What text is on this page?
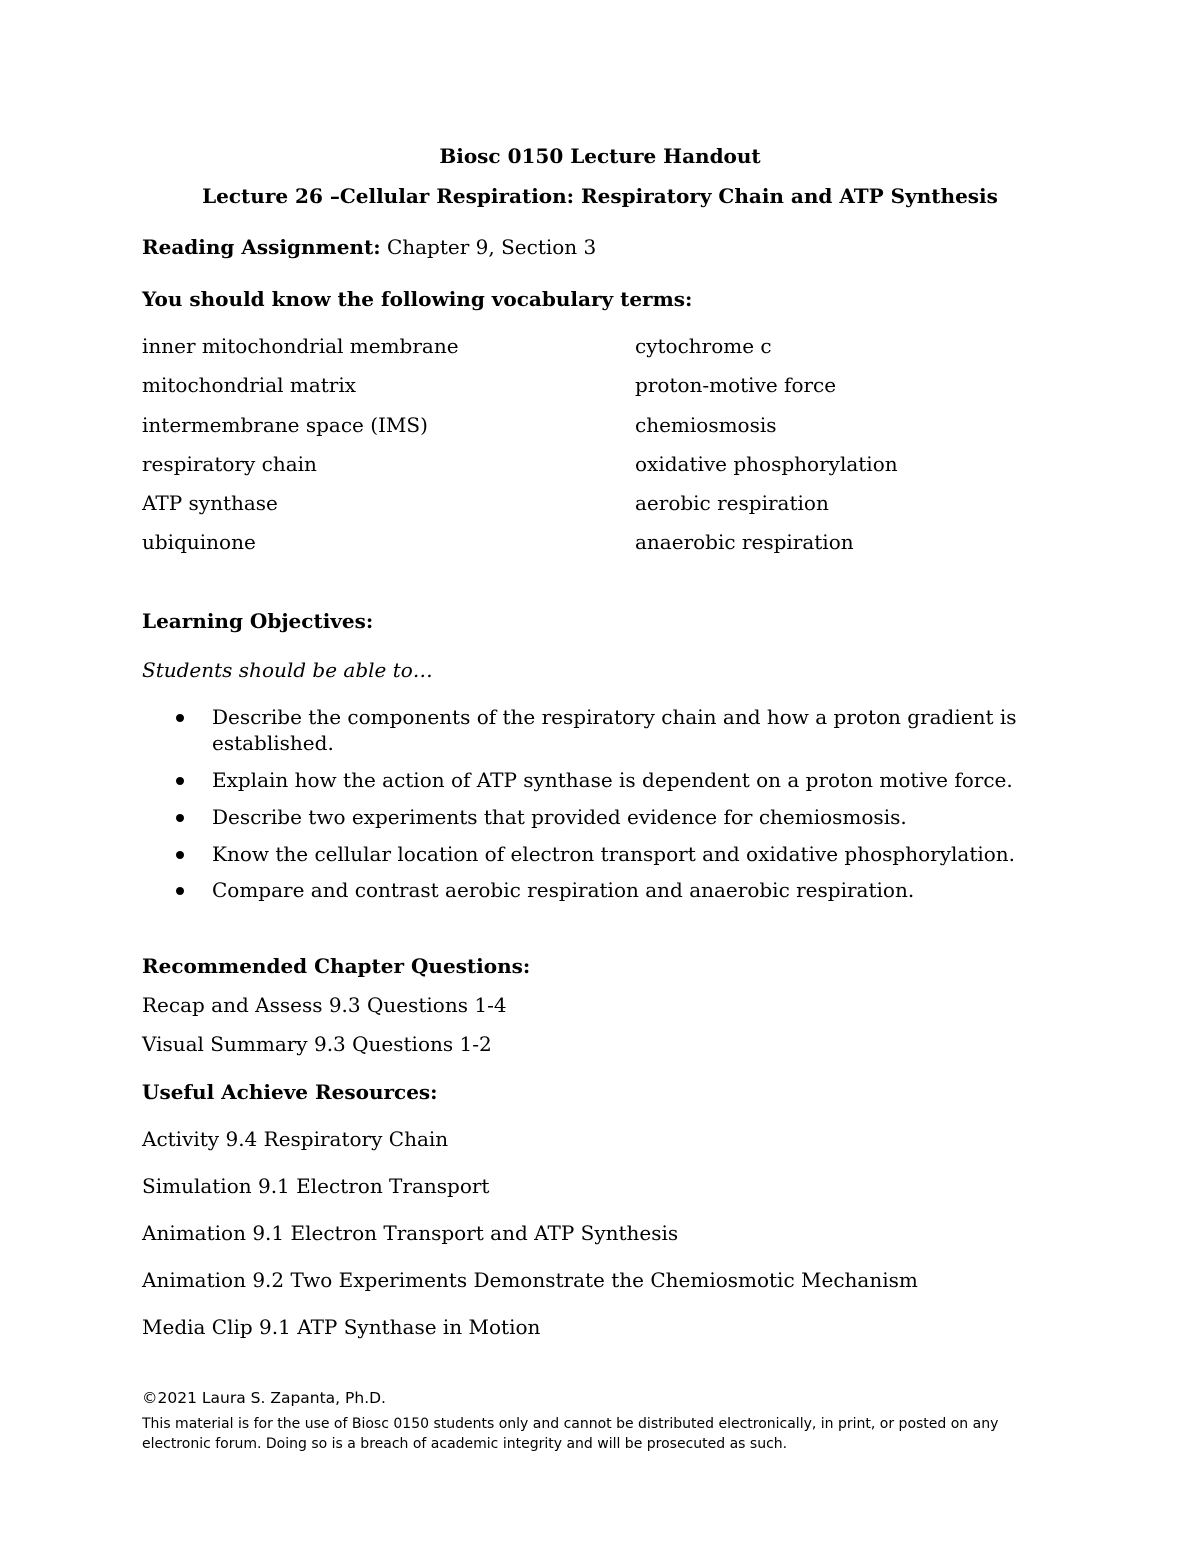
Biosc 0150 Lecture Handout
Lecture 26 –Cellular Respiration: Respiratory Chain and ATP Synthesis
Reading Assignment: Chapter 9, Section 3
You should know the following vocabulary terms:
inner mitochondrial membrane
mitochondrial matrix
intermembrane space (IMS)
respiratory chain
ATP synthase
ubiquinone
cytochrome c
proton-motive force
chemiosmosis
oxidative phosphorylation
aerobic respiration
anaerobic respiration
Learning Objectives:
Students should be able to…
Describe the components of the respiratory chain and how a proton gradient is established.
Explain how the action of ATP synthase is dependent on a proton motive force.
Describe two experiments that provided evidence for chemiosmosis.
Know the cellular location of electron transport and oxidative phosphorylation.
Compare and contrast aerobic respiration and anaerobic respiration.
Recommended Chapter Questions:
Recap and Assess 9.3 Questions 1-4
Visual Summary 9.3 Questions 1-2
Useful Achieve Resources:
Activity 9.4 Respiratory Chain
Simulation 9.1 Electron Transport
Animation 9.1 Electron Transport and ATP Synthesis
Animation 9.2 Two Experiments Demonstrate the Chemiosmotic Mechanism
Media Clip 9.1 ATP Synthase in Motion
©2021 Laura S. Zapanta, Ph.D.
This material is for the use of Biosc 0150 students only and cannot be distributed electronically, in print, or posted on any electronic forum. Doing so is a breach of academic integrity and will be prosecuted as such.
